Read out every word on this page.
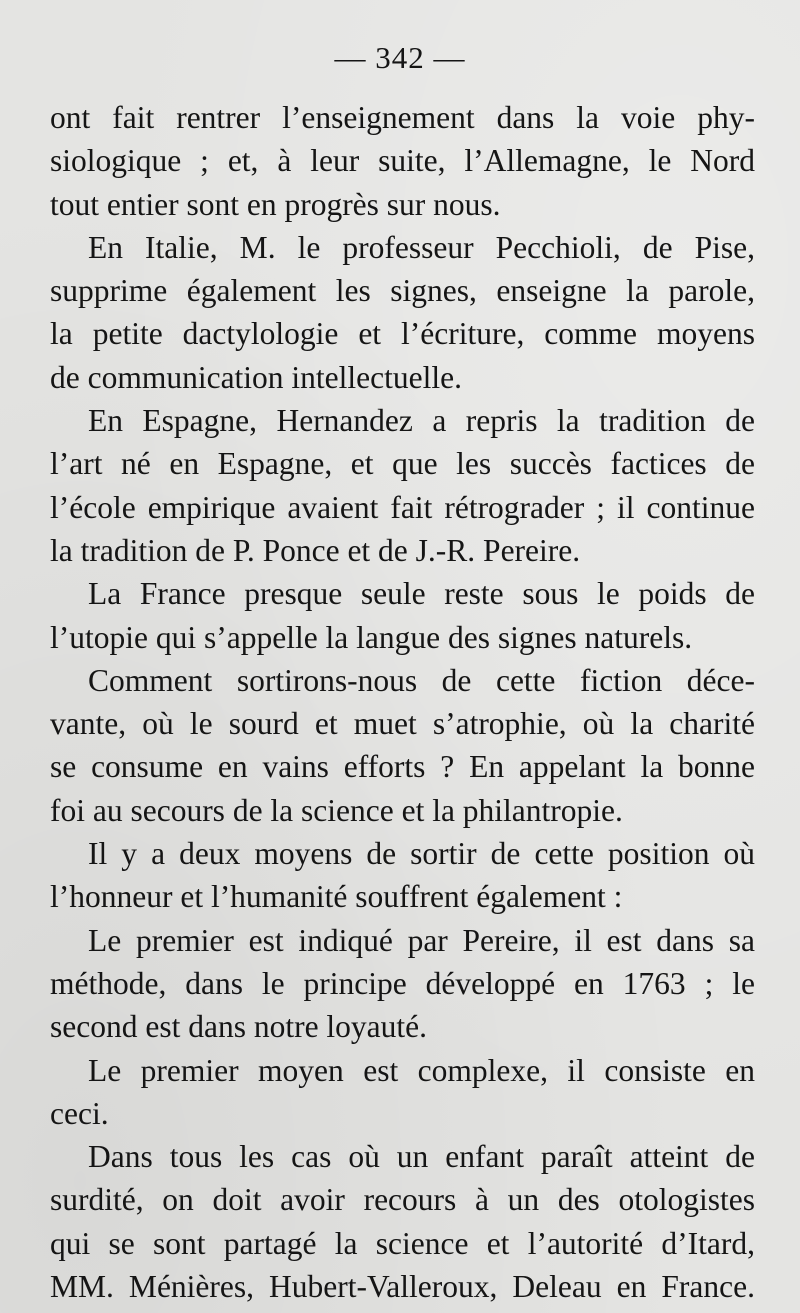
— 342 —
ont fait rentrer l’enseignement dans la voie phy-
siologique ; et, à leur suite, l’Allemagne, le Nord
tout entier sont en progrès sur nous.
En Italie, M. le professeur Pecchioli, de Pise,
supprime également les signes, enseigne la parole,
la petite dactylologie et l’écriture, comme moyens
de communication intellectuelle.
En Espagne, Hernandez a repris la tradition de
l’art né en Espagne, et que les succès factices de
l’école empirique avaient fait rétrograder ; il continue
la tradition de P. Ponce et de J.-R. Pereire.
La France presque seule reste sous le poids de
l’utopie qui s’appelle la langue des signes naturels.
Comment sortirons-nous de cette fiction déce-
vante, où le sourd et muet s’atrophie, où la charité
se consume en vains efforts ? En appelant la bonne
foi au secours de la science et la philantropie.
Il y a deux moyens de sortir de cette position où
l’honneur et l’humanité souffrent également :
Le premier est indiqué par Pereire, il est dans sa
méthode, dans le principe développé en 1763 ; le
second est dans notre loyauté.
Le premier moyen est complexe, il consiste en
ceci.
Dans tous les cas où un enfant paraît atteint de
surdité, on doit avoir recours à un des otologistes
qui se sont partagé la science et l’autorité d’Itard,
MM. Ménières, Hubert-Valleroux, Deleau en France.
